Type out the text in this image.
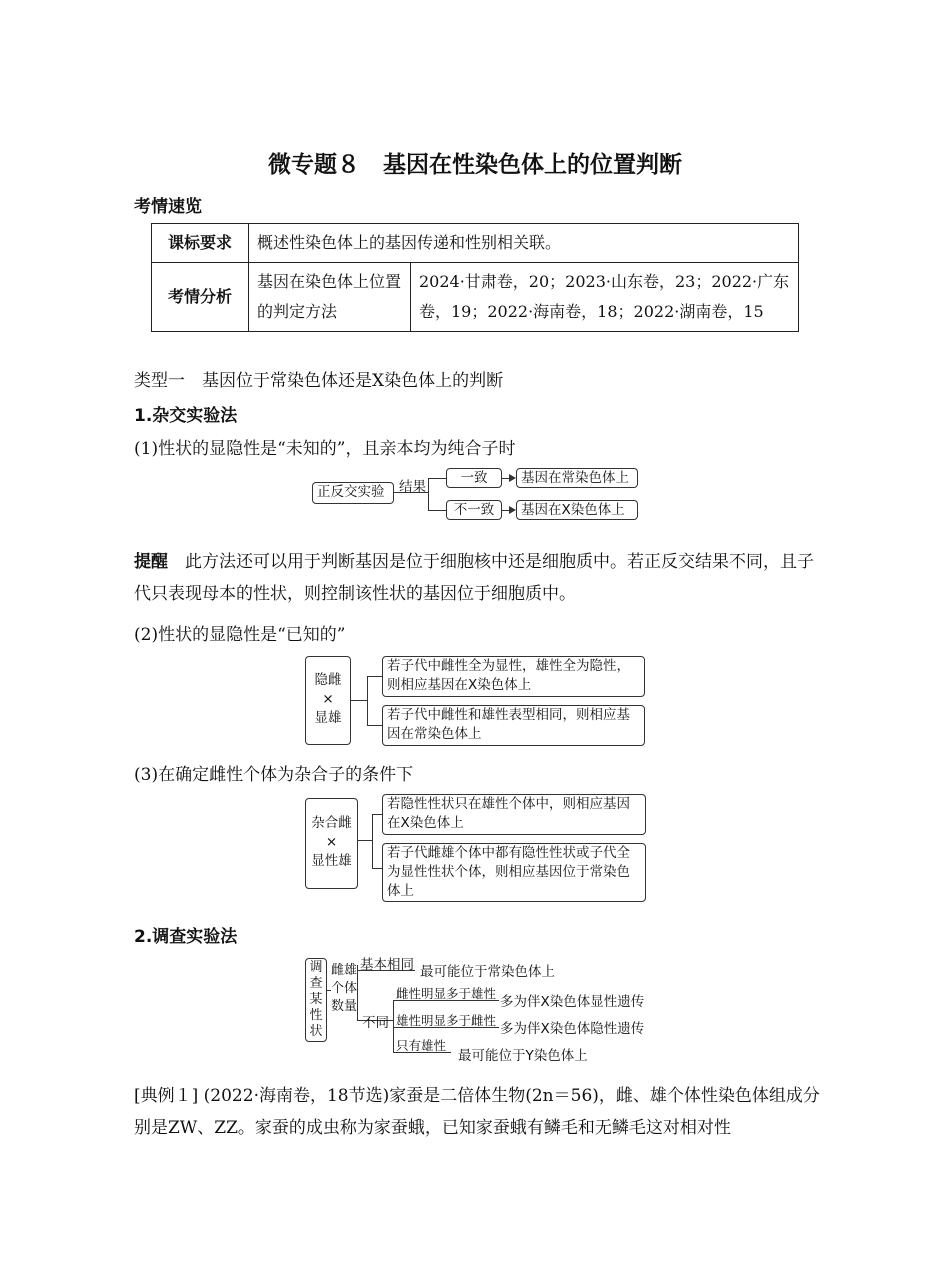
微专题８　基因在性染色体上的位置判断
考情速览
课标要求	概述性染色体上的基因传递和性别相关联。	
考情分析	基因在染色体上位置的判定方法	2024·甘肃卷，20；2023·山东卷，23；2022·广东卷，19；2022·海南卷，18；2022·湖南卷，15
类型一　基因位于常染色体还是X染色体上的判断
1.杂交实验法
(1)性状的显隐性是“未知的”，且亲本均为纯合子时
正反交实验	结果
一致
不一致
基因在常染色体上
基因在X染色体上
提醒　 此方法还可以用于判断基因是位于细胞核中还是细胞质中。若正反交结果不同，且子代只表现母本的性状，则控制该性状的基因位于细胞质中。
(2)性状的显隐性是“已知的”
隐雌
×
显雄
若子代中雌性全为显性，雄性全为隐性，则相应基因在X染色体上
若子代中雌性和雄性表型相同，则相应基因在常染色体上
(3)在确定雌性个体为杂合子的条件下
杂合雌
×
显性雄
若隐性性状只在雄性个体中，则相应基因在X染色体上
若子代雌雄个体中都有隐性性状或子代全为显性性状个体，则相应基因位于常染色体上
2.调查实验法
调查某性状
雌雄个体数量
基本相同 最可能位于常染色体上
不同
雌性明显多于雄性
多为伴X染色体显性遗传
雄性明显多于雌性
多为伴X染色体隐性遗传
只有雄性
最可能位于Y染色体上
[典例１] (2022·海南卷，18节选)家蚕是二倍体生物(2n＝56)，雌、雄个体性染色体组成分别是ZW、ZZ。家蚕的成虫称为家蚕蛾，已知家蚕蛾有鳞毛和无鳞毛这对相对性
